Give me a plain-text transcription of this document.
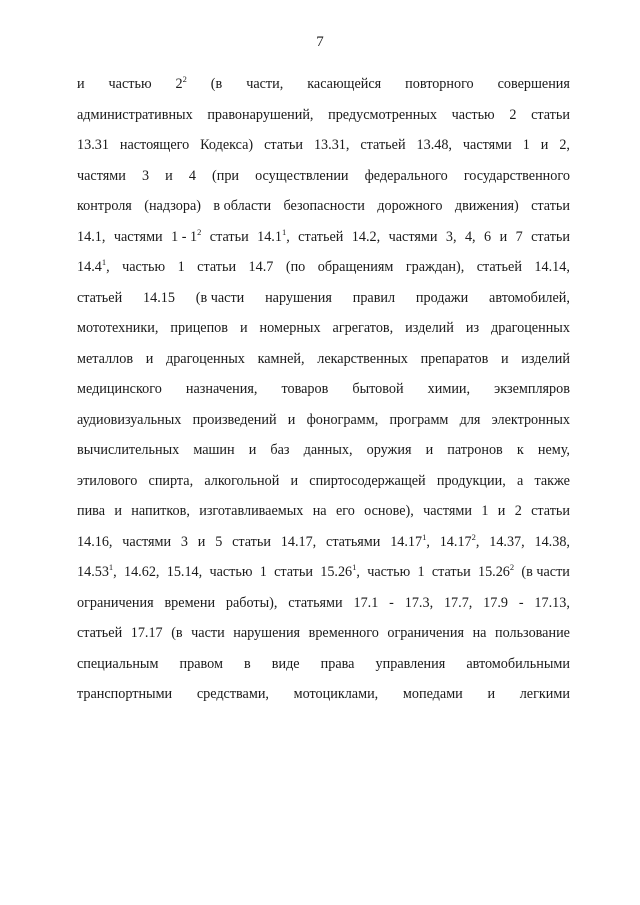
7
и частью $2^2$ (в части, касающейся повторного совершения
административных правонарушений, предусмотренных частью 2 статьи
13.31 настоящего Кодекса) статьи 13.31, статьей 13.48, частями 1 и 2,
частями 3 и 4 (при осуществлении федерального государственного
контроля (надзора) в области безопасности дорожного движения) статьи
14.1, частями $1 - 1^2$ статьи 14.1$^1$, статьей 14.2, частями 3, 4, 6 и 7 статьи
14.4$^1$, частью 1 статьи 14.7 (по обращениям граждан), статьей 14.14,
статьей 14.15 (в части нарушения правил продажи автомобилей,
мототехники, прицепов и номерных агрегатов, изделий из драгоценных
металлов и драгоценных камней, лекарственных препаратов и изделий
медицинского назначения, товаров бытовой химии, экземпляров
аудиовизуальных произведений и фонограмм, программ для электронных
вычислительных машин и баз данных, оружия и патронов к нему,
этилового спирта, алкогольной и спиртосодержащей продукции, а также
пива и напитков, изготавливаемых на его основе), частями 1 и 2 статьи
14.16, частями 3 и 5 статьи 14.17, статьями 14.17$^1$, 14.17$^2$, 14.37, 14.38,
14.53$^1$, 14.62, 15.14, частью 1 статьи 15.26$^1$, частью 1 статьи 15.26$^2$ (в части
ограничения времени работы), статьями 17.1 - 17.3, 17.7, 17.9 - 17.13,
статьей 17.17 (в части нарушения временного ограничения на пользование
специальным правом в виде права управления автомобильными
транспортными средствами, мотоциклами, мопедами и легкими
